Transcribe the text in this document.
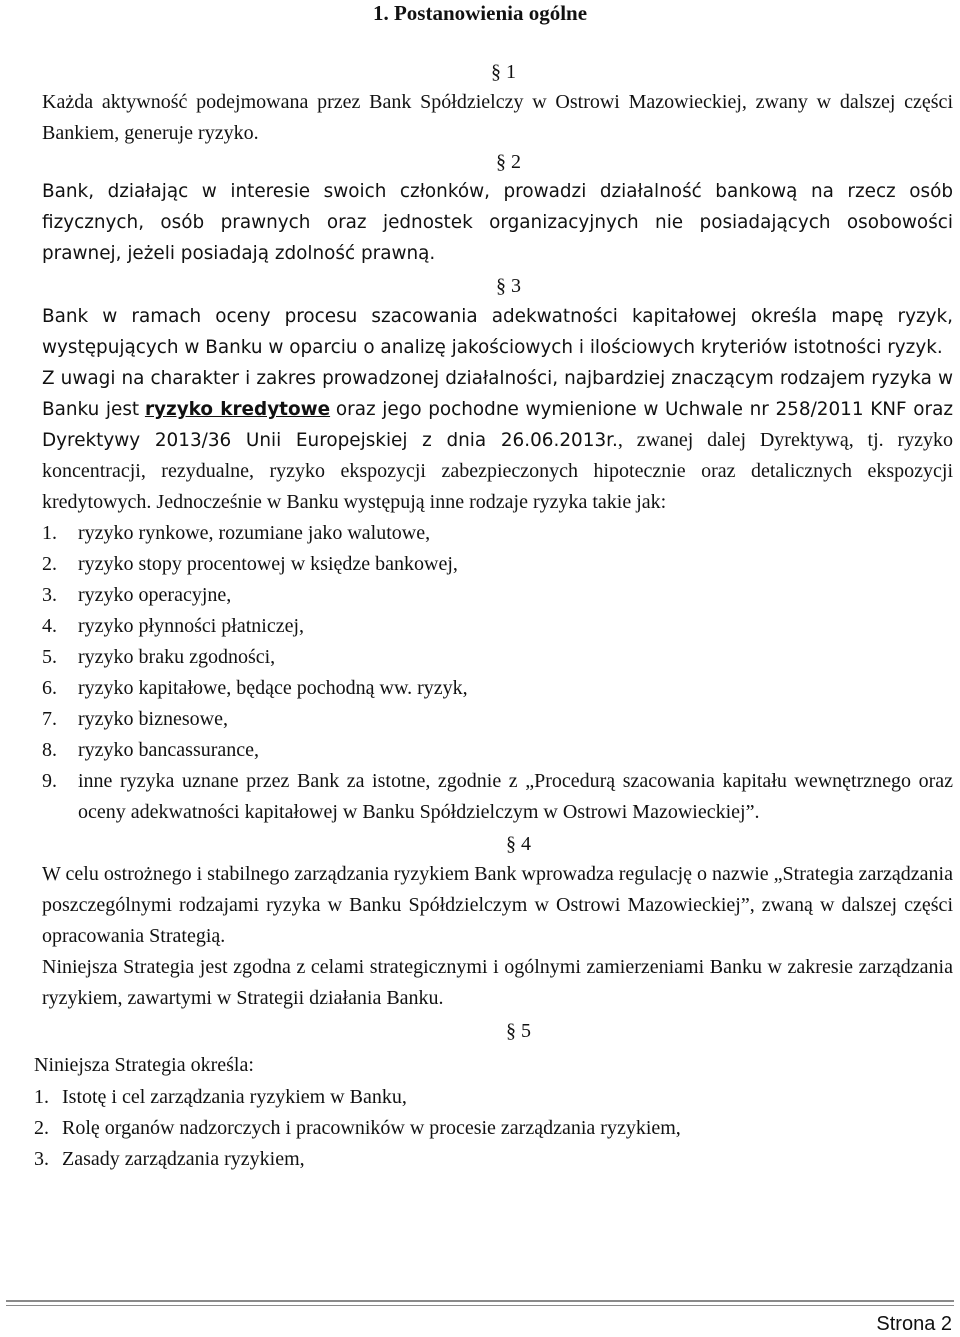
1. Postanowienia ogólne
§ 1
Każda aktywność podejmowana przez Bank Spółdzielczy w Ostrowi Mazowieckiej, zwany w dalszej części Bankiem, generuje ryzyko.
§ 2
Bank, działając w interesie swoich członków, prowadzi działalność bankową na rzecz osób fizycznych, osób prawnych oraz jednostek organizacyjnych nie posiadających osobowości prawnej, jeżeli posiadają zdolność prawną.
§ 3
Bank w ramach oceny procesu szacowania adekwatności kapitałowej określa mapę ryzyk, występujących w Banku w oparciu o analizę jakościowych i ilościowych kryteriów istotności ryzyk.
Z uwagi na charakter i zakres prowadzonej działalności, najbardziej znaczącym rodzajem ryzyka w Banku jest ryzyko kredytowe oraz jego pochodne wymienione w Uchwale nr 258/2011 KNF oraz Dyrektywy 2013/36 Unii Europejskiej z dnia 26.06.2013r., zwanej dalej Dyrektywą, tj. ryzyko koncentracji, rezydualne, ryzyko ekspozycji zabezpieczonych hipotecznie oraz detalicznych ekspozycji kredytowych. Jednocześnie w Banku występują inne rodzaje ryzyka takie jak:
1. ryzyko rynkowe, rozumiane jako walutowe,
2. ryzyko stopy procentowej w księdze bankowej,
3. ryzyko operacyjne,
4. ryzyko płynności płatniczej,
5. ryzyko braku zgodności,
6. ryzyko kapitałowe, będące pochodną ww. ryzyk,
7. ryzyko biznesowe,
8. ryzyko bancassurance,
9. inne ryzyka uznane przez Bank za istotne, zgodnie z „Procedurą szacowania kapitału wewnętrznego oraz oceny adekwatności kapitałowej w Banku Spółdzielczym w Ostrowi Mazowieckiej”.
§ 4
W celu ostrożnego i stabilnego zarządzania ryzykiem Bank wprowadza regulację o nazwie „Strategia zarządzania poszczególnymi rodzajami ryzyka w Banku Spółdzielczym w Ostrowi Mazowieckiej”, zwaną w dalszej części opracowania Strategią.
Niniejsza Strategia jest zgodna z celami strategicznymi i ogólnymi zamierzeniami Banku w zakresie zarządzania ryzykiem, zawartymi w Strategii działania Banku.
§ 5
Niniejsza Strategia określa:
1. Istotę i cel zarządzania ryzykiem w Banku,
2. Rolę organów nadzorczych i pracowników w procesie zarządzania ryzykiem,
3. Zasady zarządzania ryzykiem,
Strona 2
